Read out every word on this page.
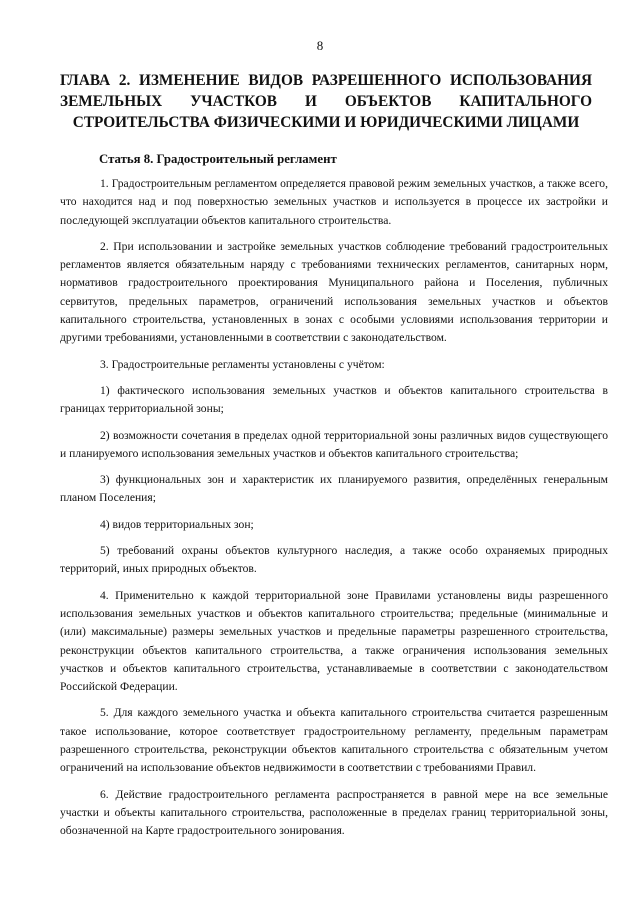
8
ГЛАВА 2. ИЗМЕНЕНИЕ ВИДОВ РАЗРЕШЕННОГО ИСПОЛЬЗОВАНИЯ
ЗЕМЕЛЬНЫХ УЧАСТКОВ И ОБЪЕКТОВ КАПИТАЛЬНОГО
СТРОИТЕЛЬСТВА ФИЗИЧЕСКИМИ И ЮРИДИЧЕСКИМИ ЛИЦАМИ
Статья 8. Градостроительный регламент

1. Градостроительным регламентом определяется правовой режим земельных участков, а также всего, что находится над и под поверхностью земельных участков и используется в процессе их застройки и последующей эксплуатации объектов капитального строительства.

2. При использовании и застройке земельных участков соблюдение требований градостроительных регламентов является обязательным наряду с требованиями технических регламентов, санитарных норм, нормативов градостроительного проектирования Муниципального района и Поселения, публичных сервитутов, предельных параметров, ограничений использования земельных участков и объектов капитального строительства, установленных в зонах с особыми условиями использования территории и другими требованиями, установленными в соответствии с законодательством.

3. Градостроительные регламенты установлены с учётом:

1) фактического использования земельных участков и объектов капитального строительства в границах территориальной зоны;

2) возможности сочетания в пределах одной территориальной зоны различных видов существующего и планируемого использования земельных участков и объектов капитального строительства;

3) функциональных зон и характеристик их планируемого развития, определённых генеральным планом Поселения;

4) видов территориальных зон;

5) требований охраны объектов культурного наследия, а также особо охраняемых природных территорий, иных природных объектов.

4. Применительно к каждой территориальной зоне Правилами установлены виды разрешенного использования земельных участков и объектов капитального строительства; предельные (минимальные и (или) максимальные) размеры земельных участков и предельные параметры разрешенного строительства, реконструкции объектов капитального строительства, а также ограничения использования земельных участков и объектов капитального строительства, устанавливаемые в соответствии с законодательством Российской Федерации.

5. Для каждого земельного участка и объекта капитального строительства считается разрешенным такое использование, которое соответствует градостроительному регламенту, предельным параметрам разрешенного строительства, реконструкции объектов капитального строительства с обязательным учетом ограничений на использование объектов недвижимости в соответствии с требованиями Правил.

6. Действие градостроительного регламента распространяется в равной мере на все земельные участки и объекты капитального строительства, расположенные в пределах границ территориальной зоны, обозначенной на Карте градостроительного зонирования.
